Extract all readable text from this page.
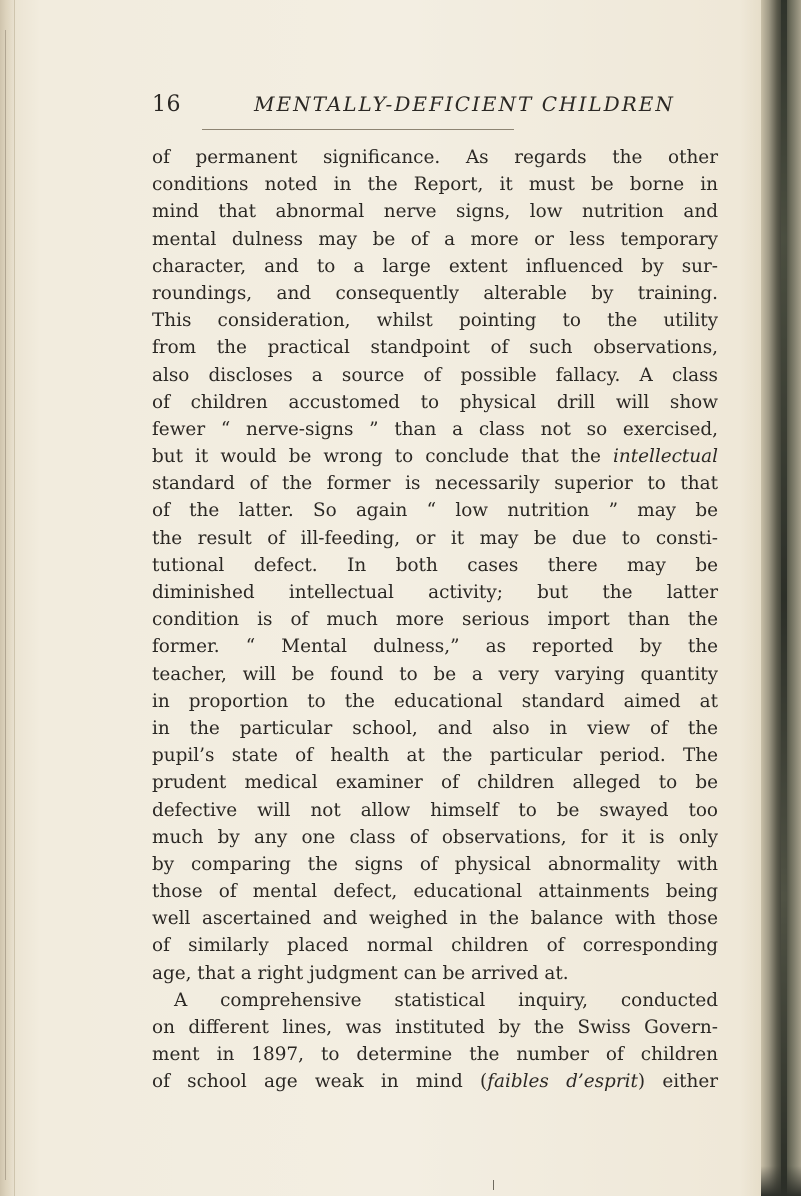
16	MENTALLY-DEFICIENT CHILDREN
of permanent significance. As regards the other
conditions noted in the Report, it must be borne in
mind that abnormal nerve signs, low nutrition and
mental dulness may be of a more or less temporary
character, and to a large extent influenced by sur-
roundings, and consequently alterable by training.
This consideration, whilst pointing to the utility
from the practical standpoint of such observations,
also discloses a source of possible fallacy. A class
of children accustomed to physical drill will show
fewer “ nerve-signs ” than a class not so exercised,
but it would be wrong to conclude that the intellectual
standard of the former is necessarily superior to that
of the latter. So again “ low nutrition ” may be
the result of ill-feeding, or it may be due to consti-
tutional defect. In both cases there may be
diminished intellectual activity; but the latter
condition is of much more serious import than the
former. “ Mental dulness,” as reported by the
teacher, will be found to be a very varying quantity
in proportion to the educational standard aimed at
in the particular school, and also in view of the
pupil’s state of health at the particular period. The
prudent medical examiner of children alleged to be
defective will not allow himself to be swayed too
much by any one class of observations, for it is only
by comparing the signs of physical abnormality with
those of mental defect, educational attainments being
well ascertained and weighed in the balance with those
of similarly placed normal children of corresponding
age, that a right judgment can be arrived at.
A comprehensive statistical inquiry, conducted
on different lines, was instituted by the Swiss Govern-
ment in 1897, to determine the number of children
of school age weak in mind (faibles d’esprit) either
